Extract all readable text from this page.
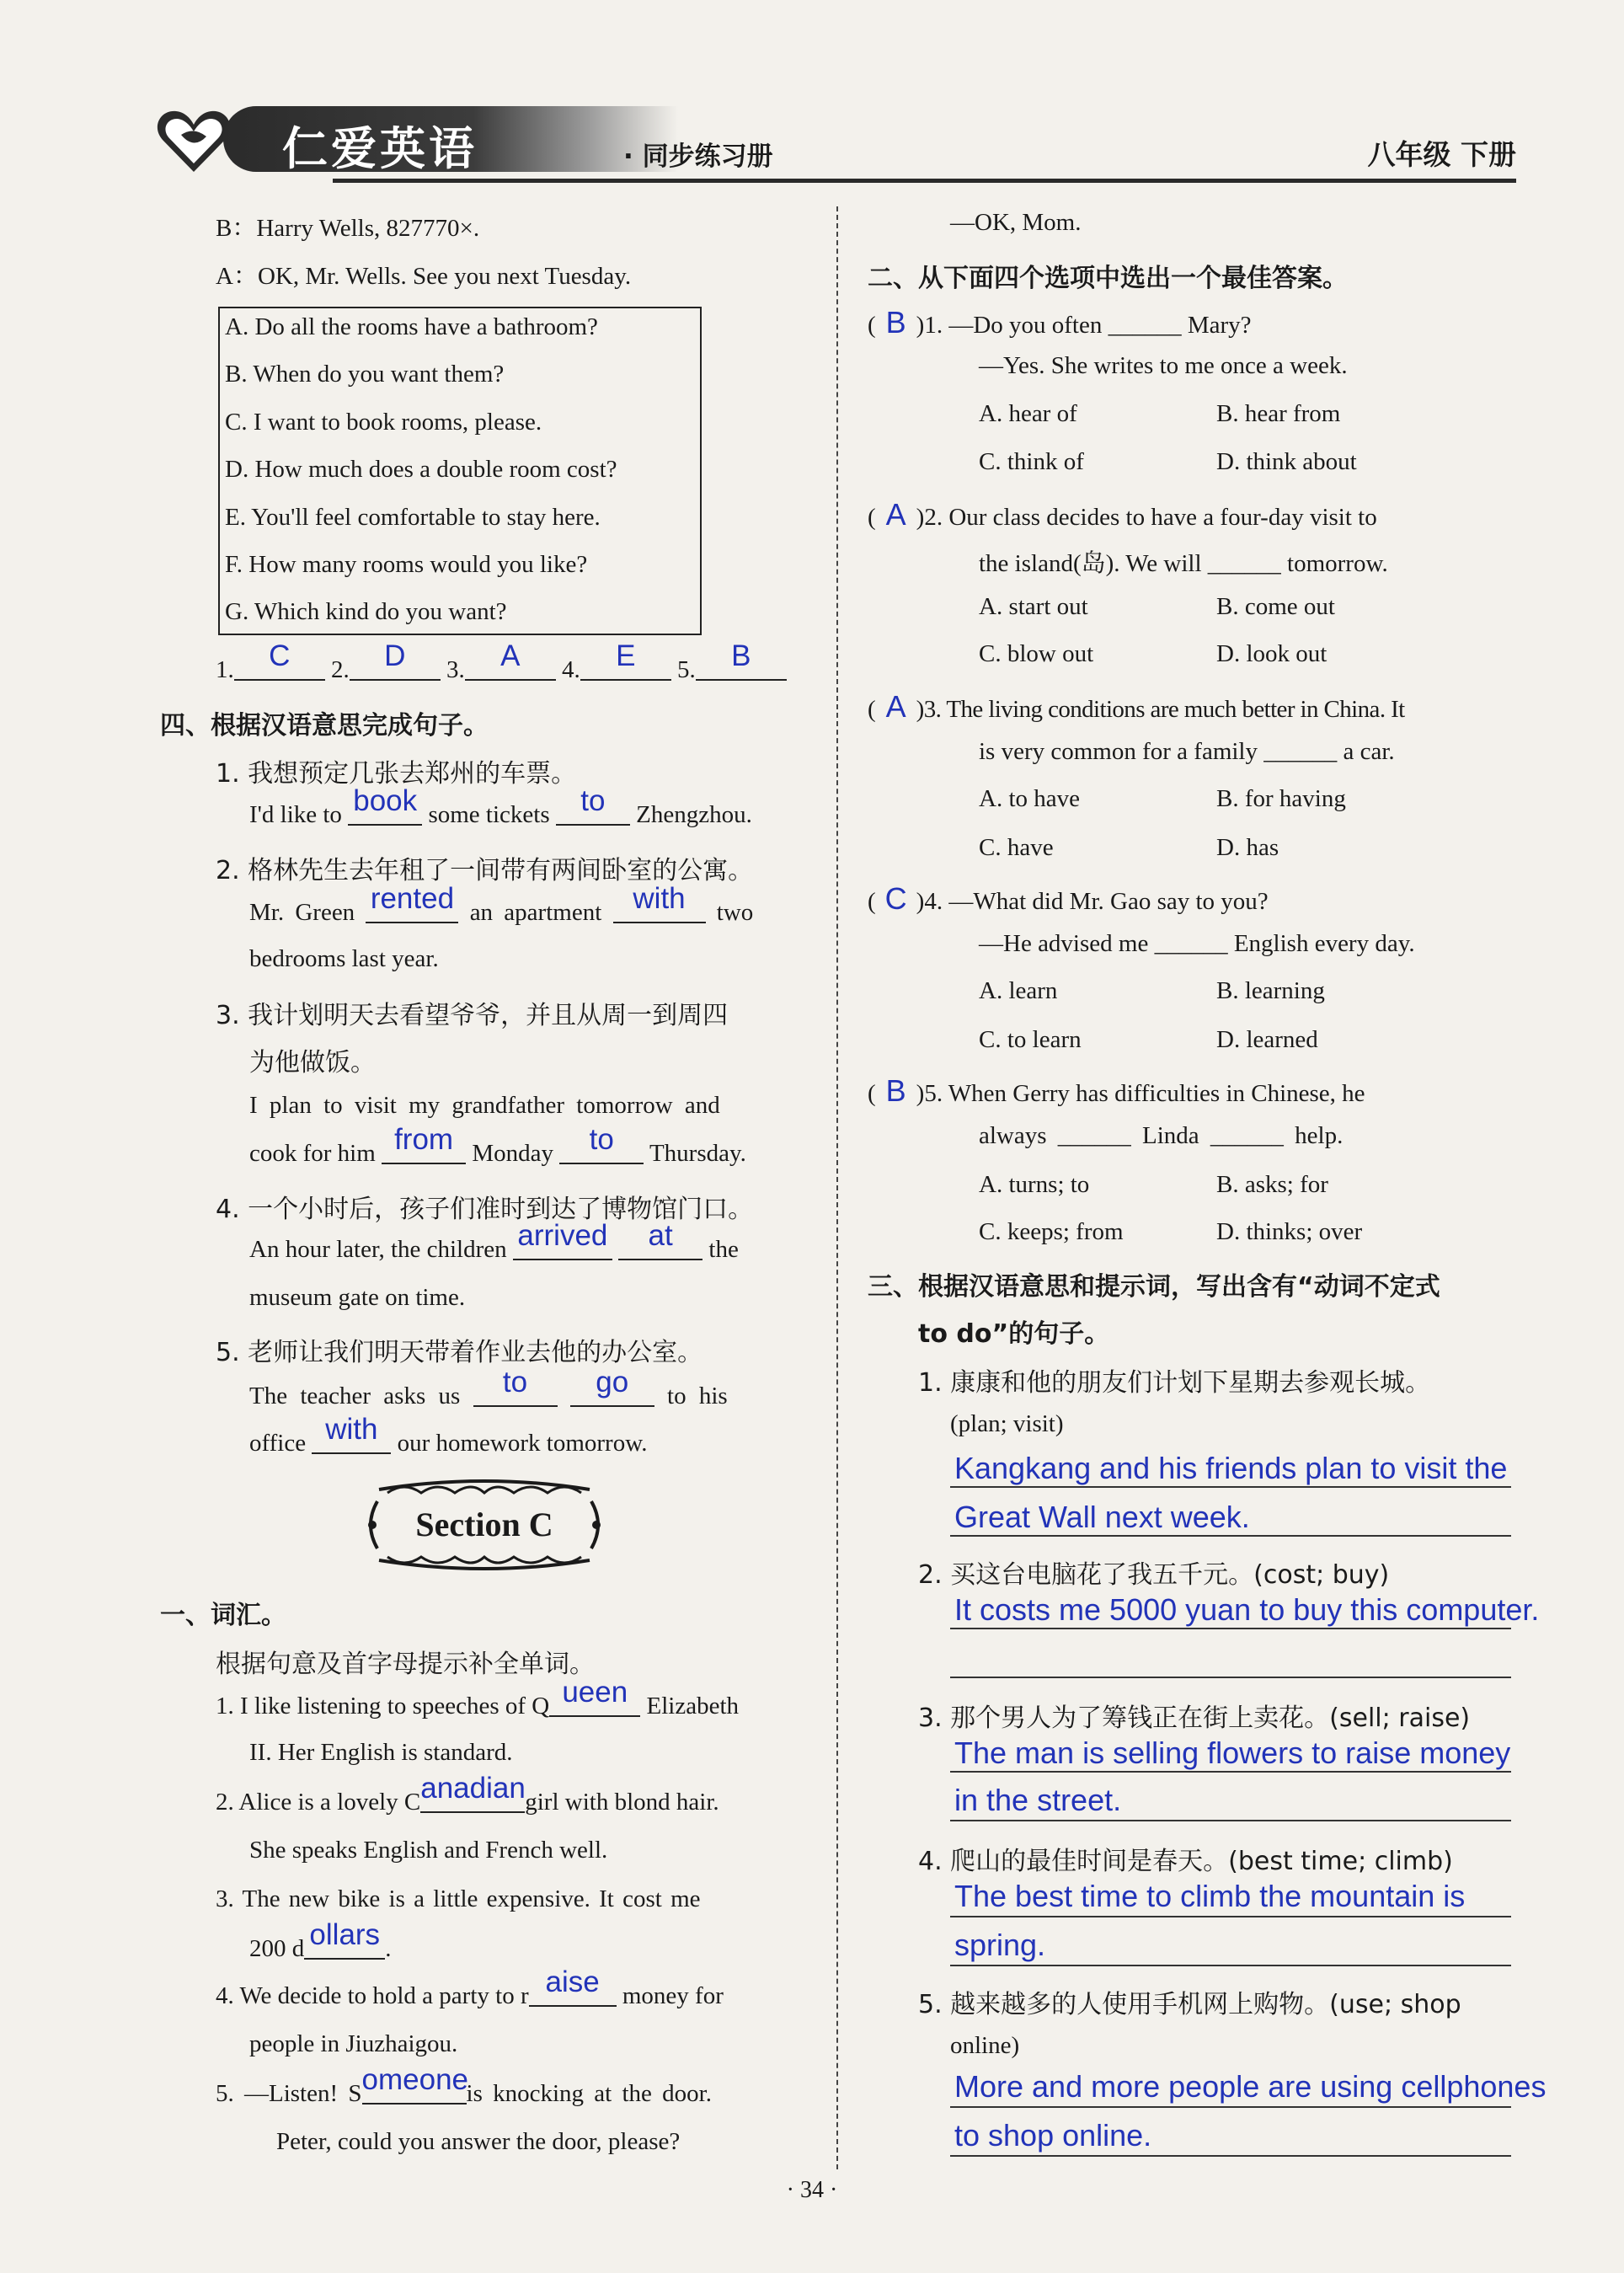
仁爱英语	· 同步练习册	八年级 下册
B：Harry Wells, 827770×.
A：OK, Mr. Wells. See you next Tuesday.
A. Do all the rooms have a bathroom?
B. When do you want them?
C. I want to book rooms, please.
D. How much does a double room cost?
E. You'll feel comfortable to stay here.
F. How many rooms would you like?
G. Which kind do you want?
1. C 2. D 3. A 4. E 5. B
四、根据汉语意思完成句子。
1. 我想预定几张去郑州的车票。
I'd like to book some tickets to Zhengzhou.
2. 格林先生去年租了一间带有两间卧室的公寓。
Mr. Green rented an apartment with two
bedrooms last year.
3. 我计划明天去看望爷爷，并且从周一到周四
为他做饭。
I plan to visit my grandfather tomorrow and
cook for him from Monday to Thursday.
4. 一个小时后，孩子们准时到达了博物馆门口。
An hour later, the children arrived at the
museum gate on time.
5. 老师让我们明天带着作业去他的办公室。
The teacher asks us to go to his
office with our homework tomorrow.
Section C
一、词汇。
根据句意及首字母提示补全单词。
1. I like listening to speeches of Q ueen Elizabeth
II. Her English is standard.
2. Alice is a lovely Canadiangirl with blond hair.
She speaks English and French well.
3. The new bike is a little expensive. It cost me
200 d ollars .
4. We decide to hold a party to r aise money for
people in Jiuzhaigou.
5. —Listen! Someoneis knocking at the door.
Peter, could you answer the door, please?
—OK, Mom.
二、从下面四个选项中选出一个最佳答案。
( B )1. —Do you often ______ Mary?
—Yes. She writes to me once a week.
A. hear of	B. hear from
C. think of	D. think about
( A )2. Our class decides to have a four-day visit to
the island(岛). We will ______ tomorrow.
A. start out	B. come out
C. blow out	D. look out
( A )3. The living conditions are much better in China. It
is very common for a family ______ a car.
A. to have	B. for having
C. have	D. has
( C )4. —What did Mr. Gao say to you?
—He advised me ______ English every day.
A. learn	B. learning
C. to learn	D. learned
( B )5. When Gerry has difficulties in Chinese, he
always ______ Linda ______ help.
A. turns; to	B. asks; for
C. keeps; from	D. thinks; over
三、根据汉语意思和提示词，写出含有“动词不定式
to do”的句子。
1. 康康和他的朋友们计划下星期去参观长城。
(plan; visit)
Kangkang and his friends plan to visit the
Great Wall next week.
2. 买这台电脑花了我五千元。(cost; buy)
It costs me 5000 yuan to buy this computer.
3. 那个男人为了筹钱正在街上卖花。(sell; raise)
The man is selling flowers to raise money
in the street.
4. 爬山的最佳时间是春天。(best time; climb)
The best time to climb the mountain is
spring.
5. 越来越多的人使用手机网上购物。(use; shop
online)
More and more people are using cellphones
to shop online.
· 34 ·
